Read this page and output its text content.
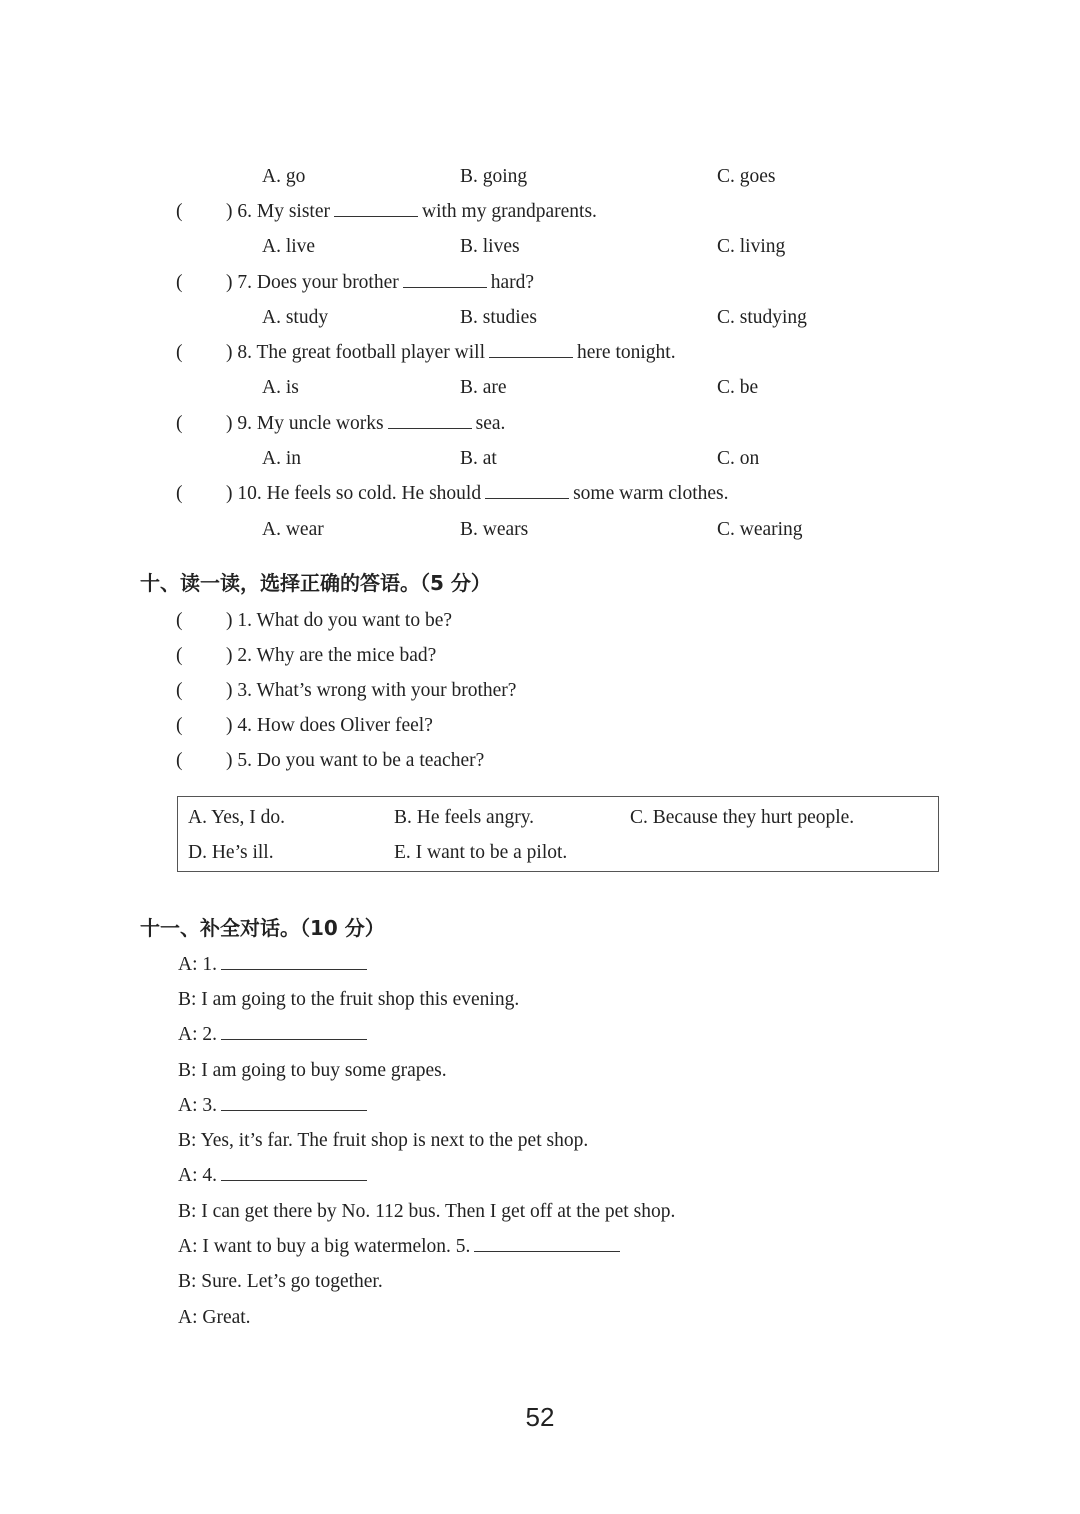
A. go	B. going	C. goes
( ) 6. My sister	with my grandparents.
A. live	B. lives	C. living
( ) 7. Does your brother	hard?
A. study	B. studies	C. studying
( ) 8. The great football player will	here tonight.
A. is	B. are	C. be
( ) 9. My uncle works	sea.
A. in	B. at	C. on
( ) 10. He feels so cold. He should	some warm clothes.
A. wear	B. wears	C. wearing
十、读一读，选择正确的答语。（5 分）
( ) 1. What do you want to be?
( ) 2. Why are the mice bad?
( ) 3. What’s wrong with your brother?
( ) 4. How does Oliver feel?
( ) 5. Do you want to be a teacher?
A. Yes, I do.	B. He feels angry.	C. Because they hurt people.
D. He’s ill.	E. I want to be a pilot.
十一、补全对话。（10 分）
A: 1.
B: I am going to the fruit shop this evening.
A: 2.
B: I am going to buy some grapes.
A: 3.
B: Yes, it’s far. The fruit shop is next to the pet shop.
A: 4.
B: I can get there by No. 112 bus. Then I get off at the pet shop.
A: I want to buy a big watermelon. 5.
B: Sure. Let’s go together.
A: Great.
52
